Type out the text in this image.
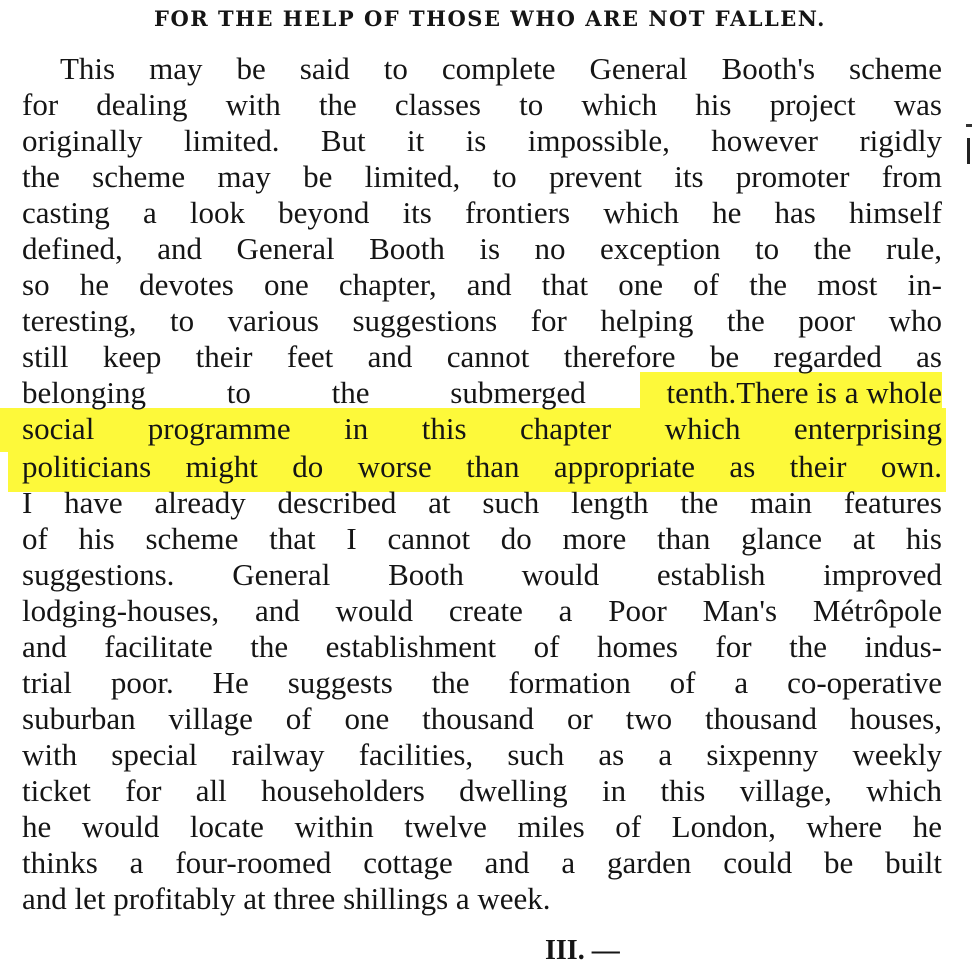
FOR THE HELP OF THOSE WHO ARE NOT FALLEN.
This may be said to complete General Booth's scheme
for dealing with the classes to which his project was
originally limited. But it is impossible, however rigidly
the scheme may be limited, to prevent its promoter from
casting a look beyond its frontiers which he has himself
defined, and General Booth is no exception to the rule,
so he devotes one chapter, and that one of the most in-
teresting, to various suggestions for helping the poor who
still keep their feet and cannot therefore be regarded as
belonging to the submerged tenth. There is a whole
social programme in this chapter which enterprising
politicians might do worse than appropriate as their own.
I have already described at such length the main features
of his scheme that I cannot do more than glance at his
suggestions. General Booth would establish improved
lodging-houses, and would create a Poor Man's Métrôpole
and facilitate the establishment of homes for the indus-
trial poor. He suggests the formation of a co-operative
suburban village of one thousand or two thousand houses,
with special railway facilities, such as a sixpenny weekly
ticket for all householders dwelling in this village, which
he would locate within twelve miles of London, where he
thinks a four-roomed cottage and a garden could be built
and let profitably at three shillings a week.
III. —
